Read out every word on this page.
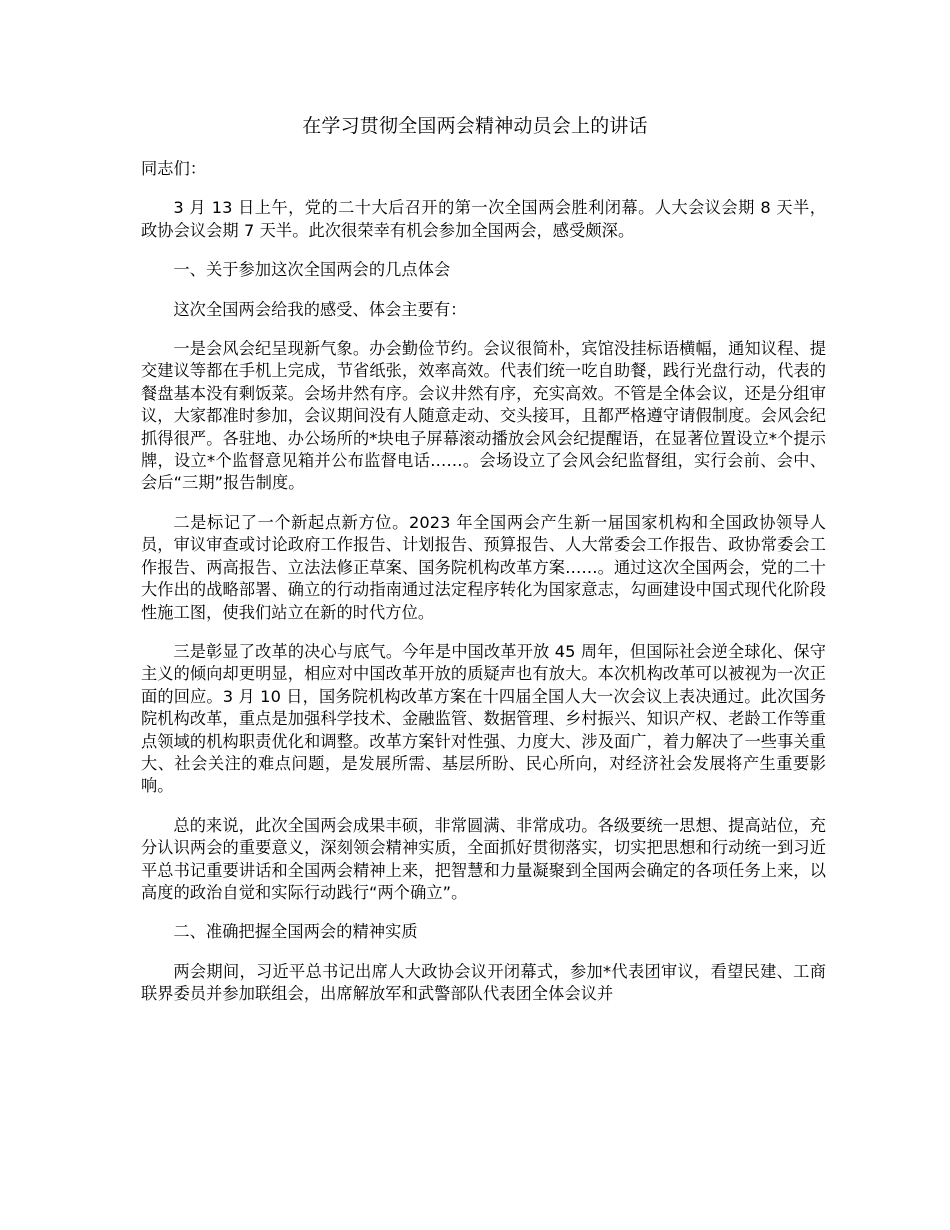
在学习贯彻全国两会精神动员会上的讲话

同志们：

3 月 13 日上午，党的二十大后召开的第一次全国两会胜利闭幕。人大会议会期 8 天半，政协会议会期 7 天半。此次很荣幸有机会参加全国两会，感受颇深。

一、关于参加这次全国两会的几点体会

这次全国两会给我的感受、体会主要有：

一是会风会纪呈现新气象。办会勤俭节约。会议很简朴，宾馆没挂标语横幅，通知议程、提交建议等都在手机上完成，节省纸张，效率高效。代表们统一吃自助餐，践行光盘行动，代表的餐盘基本没有剩饭菜。会场井然有序。会议井然有序，充实高效。不管是全体会议，还是分组审议，大家都准时参加，会议期间没有人随意走动、交头接耳，且都严格遵守请假制度。会风会纪抓得很严。各驻地、办公场所的*块电子屏幕滚动播放会风会纪提醒语，在显著位置设立*个提示牌，设立*个监督意见箱并公布监督电话……。会场设立了会风会纪监督组，实行会前、会中、会后“三期”报告制度。

二是标记了一个新起点新方位。2023 年全国两会产生新一届国家机构和全国政协领导人员，审议审查或讨论政府工作报告、计划报告、预算报告、人大常委会工作报告、政协常委会工作报告、两高报告、立法法修正草案、国务院机构改革方案……。通过这次全国两会，党的二十大作出的战略部署、确立的行动指南通过法定程序转化为国家意志，勾画建设中国式现代化阶段性施工图，使我们站立在新的时代方位。

三是彰显了改革的决心与底气。今年是中国改革开放 45 周年，但国际社会逆全球化、保守主义的倾向却更明显，相应对中国改革开放的质疑声也有放大。本次机构改革可以被视为一次正面的回应。3 月 10 日，国务院机构改革方案在十四届全国人大一次会议上表决通过。此次国务院机构改革，重点是加强科学技术、金融监管、数据管理、乡村振兴、知识产权、老龄工作等重点领域的机构职责优化和调整。改革方案针对性强、力度大、涉及面广，着力解决了一些事关重大、社会关注的难点问题，是发展所需、基层所盼、民心所向，对经济社会发展将产生重要影响。

总的来说，此次全国两会成果丰硕，非常圆满、非常成功。各级要统一思想、提高站位，充分认识两会的重要意义，深刻领会精神实质，全面抓好贯彻落实，切实把思想和行动统一到习近平总书记重要讲话和全国两会精神上来，把智慧和力量凝聚到全国两会确定的各项任务上来，以高度的政治自觉和实际行动践行“两个确立”。

二、准确把握全国两会的精神实质

两会期间，习近平总书记出席人大政协会议开闭幕式，参加*代表团审议，看望民建、工商联界委员并参加联组会，出席解放军和武警部队代表团全体会议并
